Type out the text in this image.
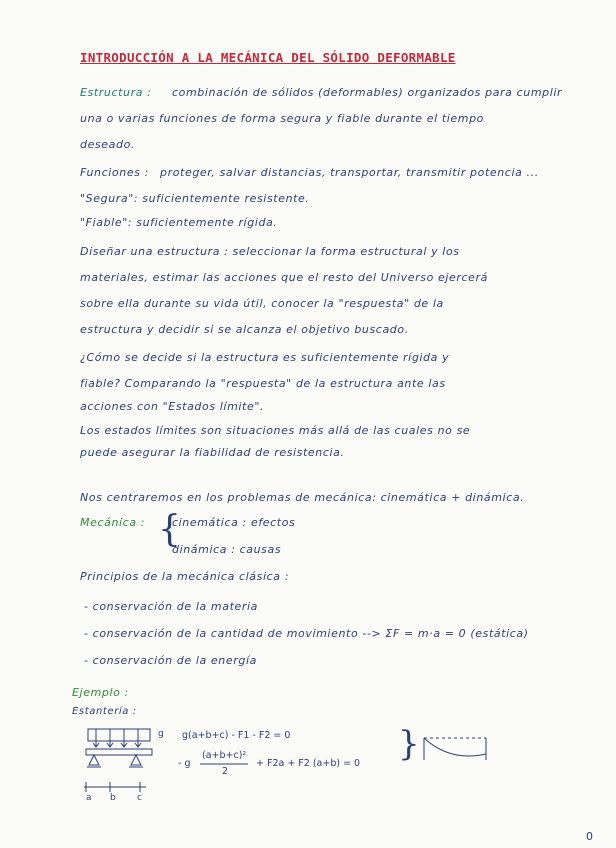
INTRODUCCIÓN A LA MECÁNICA DEL SÓLIDO DEFORMABLE
Estructura : combinación de sólidos (deformables) organizados para cumplir
una o varias funciones de forma segura y fiable durante el tiempo
deseado.
Funciones : proteger, salvar distancias, transportar, transmitir potencia ...
"Segura": suficientemente resistente.
"Fiable": suficientemente rígida.
Diseñar una estructura : seleccionar la forma estructural y los
materiales, estimar las acciones que el resto del Universo ejercerá
sobre ella durante su vida útil, conocer la "respuesta" de la
estructura y decidir si se alcanza el objetivo buscado.
¿Cómo se decide si la estructura es suficientemente rígida y
fiable? Comparando la "respuesta" de la estructura ante las
acciones con "Estados límite".
Los estados límites son situaciones más allá de las cuales no se
puede asegurar la fiabilidad de resistencia.
Nos centraremos en los problemas de mecánica: cinemática + dinámica.
Mecánica : {
cinemática : efectos
dinámica : causas
Principios de la mecánica clásica :
- conservación de la materia
- conservación de la cantidad de movimiento --> ΣF = m·a = 0 (estática)
- conservación de la energía
Ejemplo :
Estantería :
g
a b c
g(a+b+c) - F1 - F2 = 0
- g
(a+b+c)²
2
+ F2a + F2 (a+b) = 0 }
0
